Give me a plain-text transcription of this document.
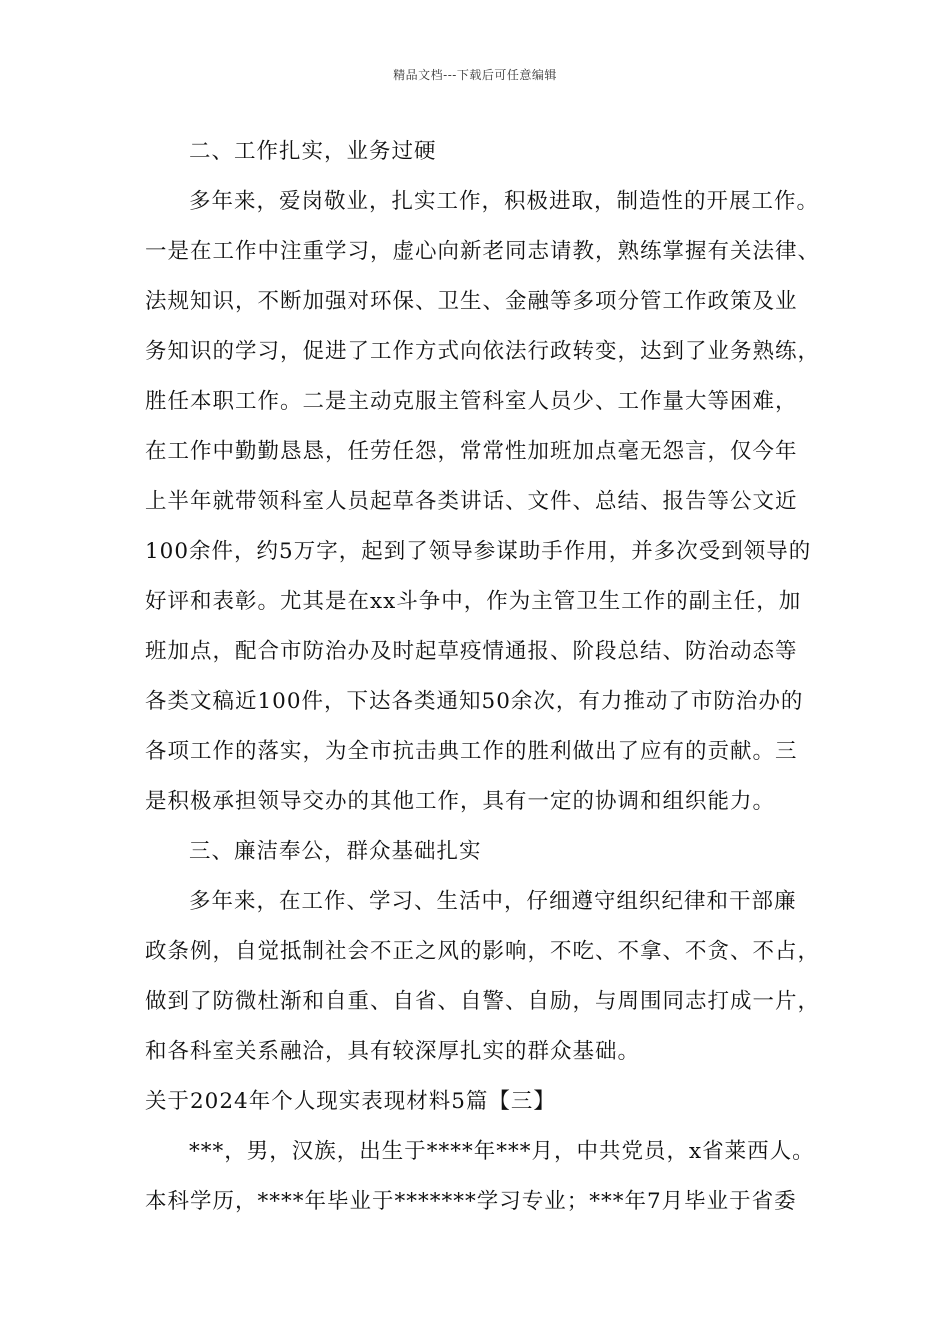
精品文档---下载后可任意编辑
二、工作扎实，业务过硬
多年来，爱岗敬业，扎实工作，积极进取，制造性的开展工作。
一是在工作中注重学习，虚心向新老同志请教，熟练掌握有关法律、
法规知识，不断加强对环保、卫生、金融等多项分管工作政策及业
务知识的学习，促进了工作方式向依法行政转变，达到了业务熟练，
胜任本职工作。二是主动克服主管科室人员少、工作量大等困难，
在工作中勤勤恳恳，任劳任怨，常常性加班加点毫无怨言，仅今年
上半年就带领科室人员起草各类讲话、文件、总结、报告等公文近
100余件，约5万字，起到了领导参谋助手作用，并多次受到领导的
好评和表彰。尤其是在xx斗争中，作为主管卫生工作的副主任，加
班加点，配合市防治办及时起草疫情通报、阶段总结、防治动态等
各类文稿近100件，下达各类通知50余次，有力推动了市防治办的
各项工作的落实，为全市抗击典工作的胜利做出了应有的贡献。三
是积极承担领导交办的其他工作，具有一定的协调和组织能力。
三、廉洁奉公，群众基础扎实
多年来，在工作、学习、生活中，仔细遵守组织纪律和干部廉
政条例，自觉抵制社会不正之风的影响，不吃、不拿、不贪、不占，
做到了防微杜渐和自重、自省、自警、自励，与周围同志打成一片，
和各科室关系融洽，具有较深厚扎实的群众基础。
关于2024年个人现实表现材料5篇【三】
***，男，汉族，出生于****年***月，中共党员，x省莱西人。
本科学历，****年毕业于*******学习专业；***年7月毕业于省委
